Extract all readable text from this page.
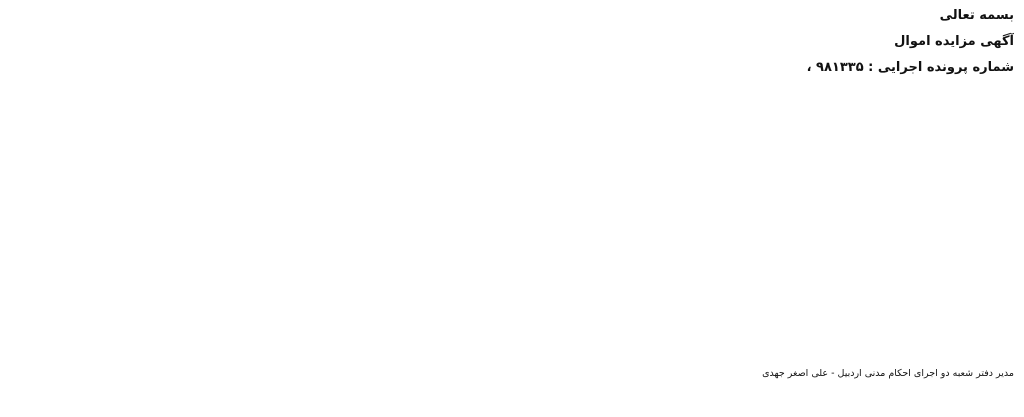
بسمه تعالی
آگهی مزایده اموال
شماره پرونده اجرایی : ۹۸۱۳۳۵ ،

مدیر دفتر شعبه دو اجرای احکام مدنی اردبیل - علی اصغر جهدی
